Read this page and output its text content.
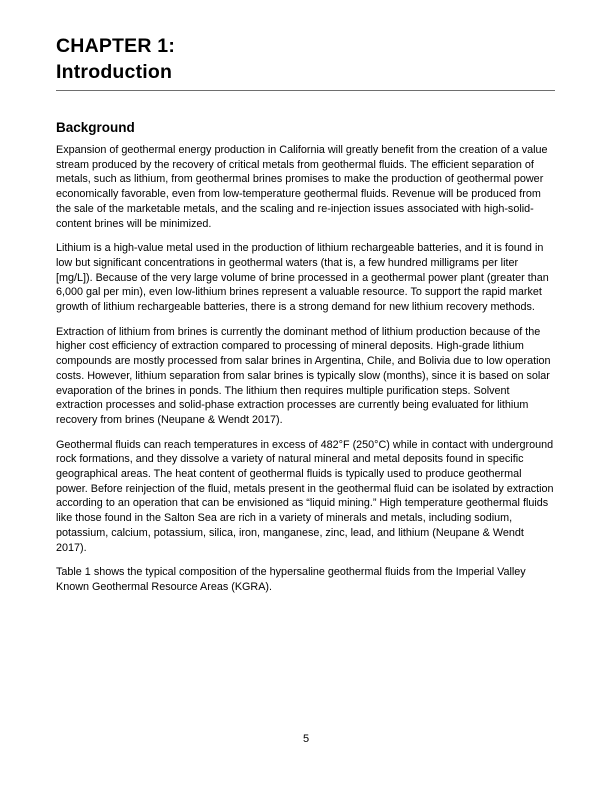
CHAPTER 1:
Introduction
Background

Expansion of geothermal energy production in California will greatly benefit from the creation of a value stream produced by the recovery of critical metals from geothermal fluids. The efficient separation of metals, such as lithium, from geothermal brines promises to make the production of geothermal power economically favorable, even from low-temperature geothermal fluids. Revenue will be produced from the sale of the marketable metals, and the scaling and re-injection issues associated with high-solid-content brines will be minimized.

Lithium is a high-value metal used in the production of lithium rechargeable batteries, and it is found in low but significant concentrations in geothermal waters (that is, a few hundred milligrams per liter [mg/L]). Because of the very large volume of brine processed in a geothermal power plant (greater than 6,000 gal per min), even low-lithium brines represent a valuable resource. To support the rapid market growth of lithium rechargeable batteries, there is a strong demand for new lithium recovery methods.

Extraction of lithium from brines is currently the dominant method of lithium production because of the higher cost efficiency of extraction compared to processing of mineral deposits. High-grade lithium compounds are mostly processed from salar brines in Argentina, Chile, and Bolivia due to low operation costs. However, lithium separation from salar brines is typically slow (months), since it is based on solar evaporation of the brines in ponds. The lithium then requires multiple purification steps. Solvent extraction processes and solid-phase extraction processes are currently being evaluated for lithium recovery from brines (Neupane & Wendt 2017).

Geothermal fluids can reach temperatures in excess of 482°F (250°C) while in contact with underground rock formations, and they dissolve a variety of natural mineral and metal deposits found in specific geographical areas. The heat content of geothermal fluids is typically used to produce geothermal power. Before reinjection of the fluid, metals present in the geothermal fluid can be isolated by extraction according to an operation that can be envisioned as “liquid mining.” High temperature geothermal fluids like those found in the Salton Sea are rich in a variety of minerals and metals, including sodium, potassium, calcium, potassium, silica, iron, manganese, zinc, lead, and lithium (Neupane & Wendt 2017).

Table 1 shows the typical composition of the hypersaline geothermal fluids from the Imperial Valley Known Geothermal Resource Areas (KGRA).

5
